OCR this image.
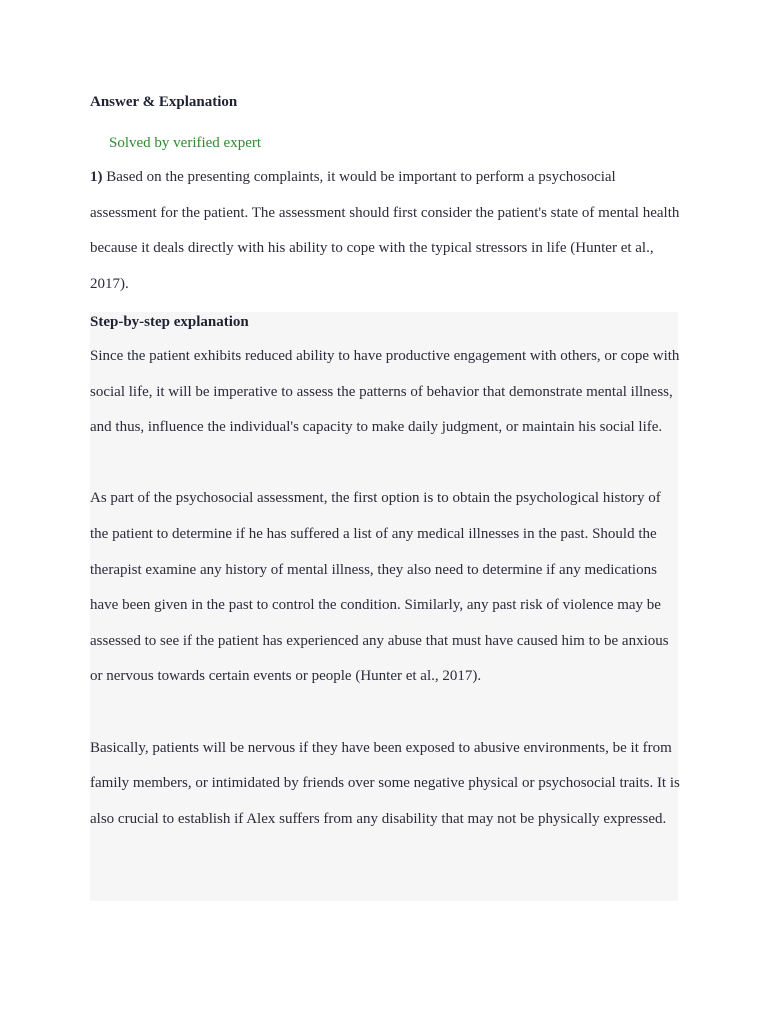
Answer & Explanation
Solved by verified expert
1) Based on the presenting complaints, it would be important to perform a psychosocial assessment for the patient. The assessment should first consider the patient's state of mental health because it deals directly with his ability to cope with the typical stressors in life (Hunter et al., 2017).
Step-by-step explanation

Since the patient exhibits reduced ability to have productive engagement with others, or cope with social life, it will be imperative to assess the patterns of behavior that demonstrate mental illness, and thus, influence the individual's capacity to make daily judgment, or maintain his social life.

As part of the psychosocial assessment, the first option is to obtain the psychological history of the patient to determine if he has suffered a list of any medical illnesses in the past. Should the therapist examine any history of mental illness, they also need to determine if any medications have been given in the past to control the condition. Similarly, any past risk of violence may be assessed to see if the patient has experienced any abuse that must have caused him to be anxious or nervous towards certain events or people (Hunter et al., 2017).

Basically, patients will be nervous if they have been exposed to abusive environments, be it from family members, or intimidated by friends over some negative physical or psychosocial traits. It is also crucial to establish if Alex suffers from any disability that may not be physically expressed.
